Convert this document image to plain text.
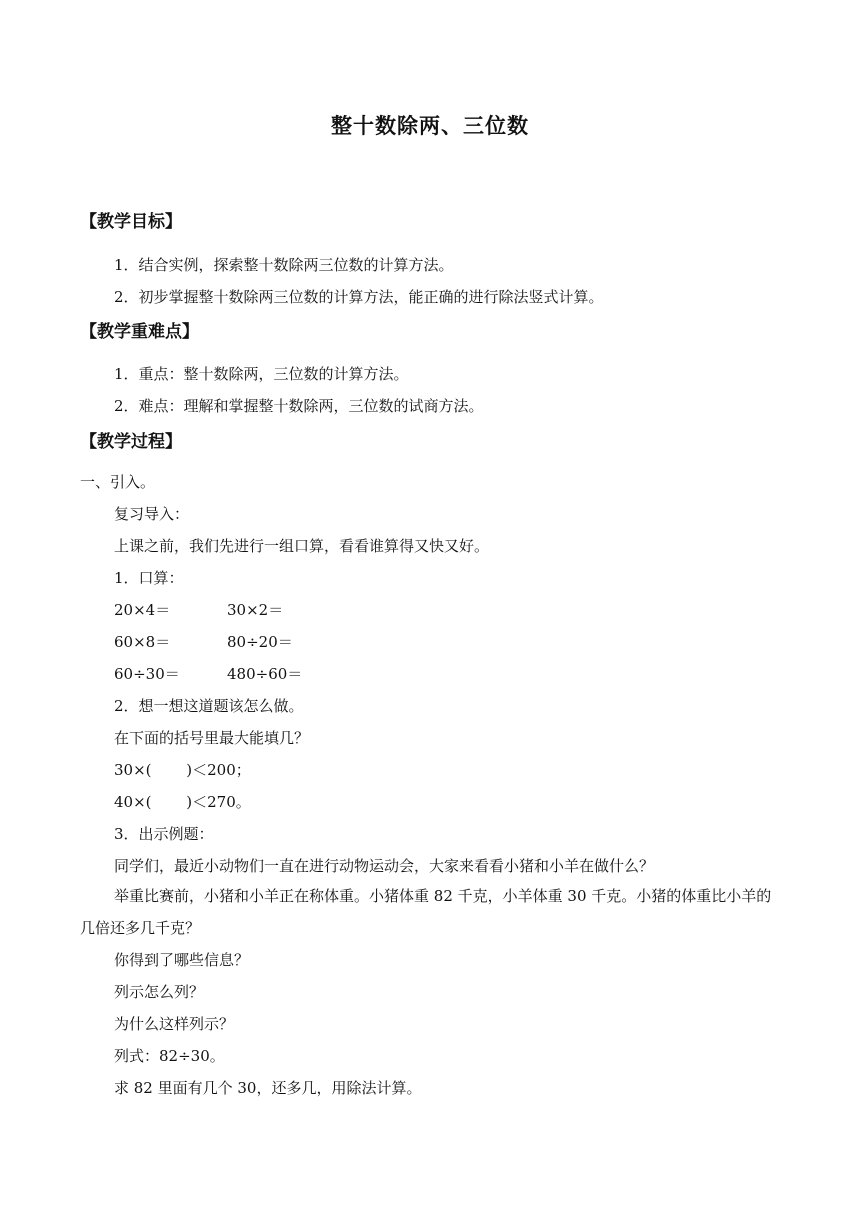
整十数除两、三位数
【教学目标】
1．结合实例，探索整十数除两三位数的计算方法。
2．初步掌握整十数除两三位数的计算方法，能正确的进行除法竖式计算。
【教学重难点】
1．重点：整十数除两，三位数的计算方法。
2．难点：理解和掌握整十数除两，三位数的试商方法。
【教学过程】
一、引入。
复习导入：
上课之前，我们先进行一组口算，看看谁算得又快又好。
1．口算：
20×4＝	30×2＝
60×8＝	80÷20＝
60÷30＝	480÷60＝
2．想一想这道题该怎么做。
在下面的括号里最大能填几？
30×(　　 )＜200；
40×(　　 )＜270。
3．出示例题：
同学们，最近小动物们一直在进行动物运动会，大家来看看小猪和小羊在做什么？
举重比赛前，小猪和小羊正在称体重。小猪体重 82 千克，小羊体重 30 千克。小猪的体重比小羊的几倍还多几千克？
你得到了哪些信息？
列示怎么列？
为什么这样列示？
列式：82÷30。
求 82 里面有几个 30，还多几，用除法计算。
